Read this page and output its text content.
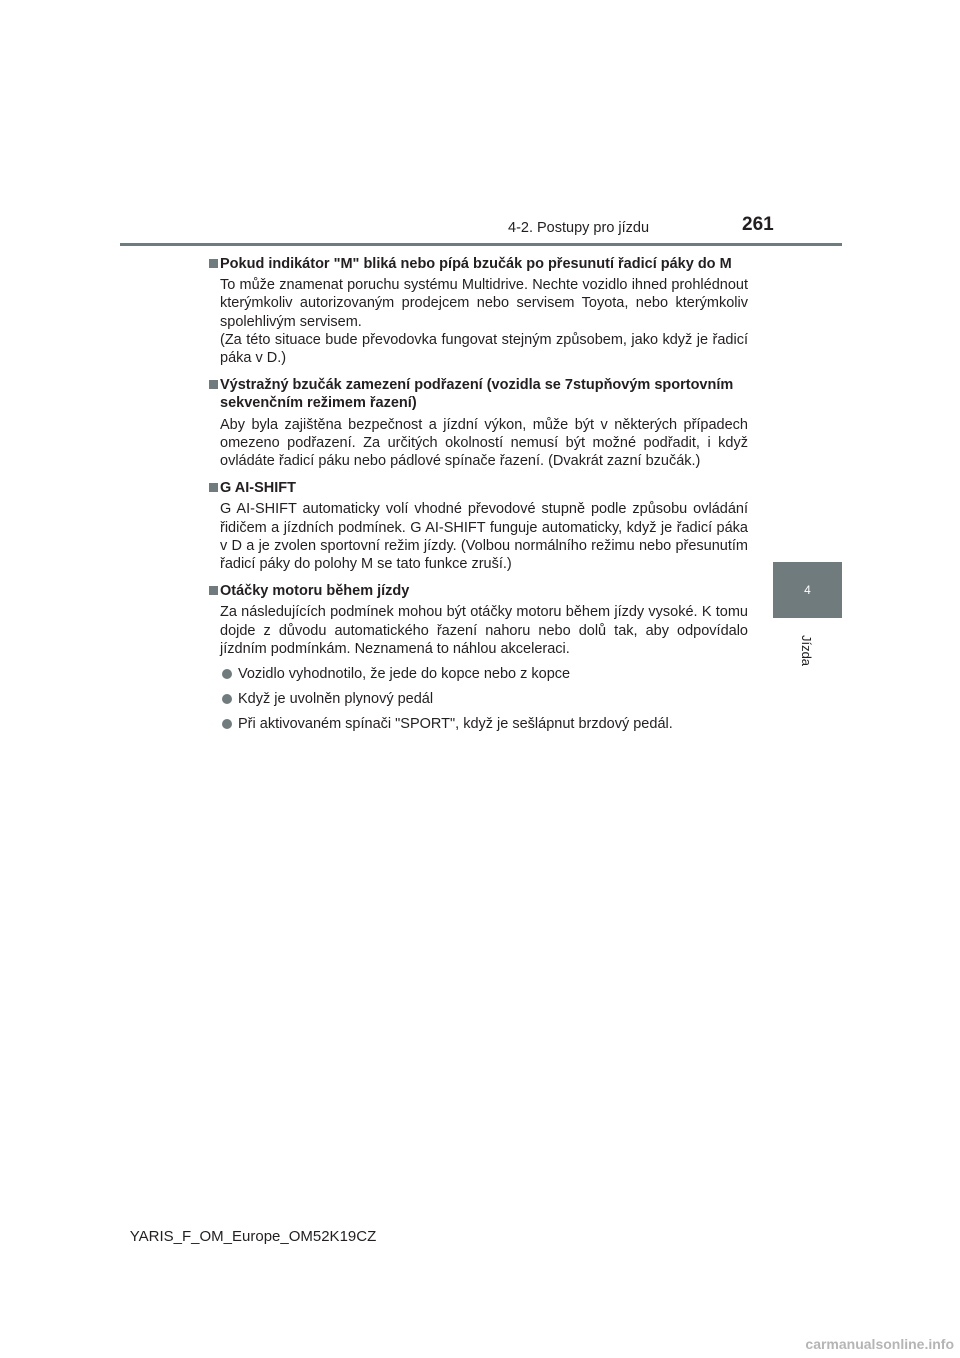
4-2. Postupy pro jízdu	261
4
Jízda
Pokud indikátor "M" bliká nebo pípá bzučák po přesunutí řadicí páky do M

To může znamenat poruchu systému Multidrive. Nechte vozidlo ihned prohlédnout kterýmkoliv autorizovaným prodejcem nebo servisem Toyota, nebo kterýmkoliv spolehlivým servisem.

(Za této situace bude převodovka fungovat stejným způsobem, jako když je řadicí páka v D.)

Výstražný bzučák zamezení podřazení (vozidla se 7stupňovým sportovním sekvenčním režimem řazení)

Aby byla zajištěna bezpečnost a jízdní výkon, může být v některých případech omezeno podřazení. Za určitých okolností nemusí být možné podřadit, i když ovládáte řadicí páku nebo pádlové spínače řazení. (Dvakrát zazní bzučák.)

G AI-SHIFT

G AI-SHIFT automaticky volí vhodné převodové stupně podle způsobu ovládání řidičem a jízdních podmínek. G AI-SHIFT funguje automaticky, když je řadicí páka v D a je zvolen sportovní režim jízdy. (Volbou normálního režimu nebo přesunutím řadicí páky do polohy M se tato funkce zruší.)

Otáčky motoru během jízdy

Za následujících podmínek mohou být otáčky motoru během jízdy vysoké. K tomu dojde z důvodu automatického řazení nahoru nebo dolů tak, aby odpovídalo jízdním podmínkám. Neznamená to náhlou akceleraci.

Vozidlo vyhodnotilo, že jede do kopce nebo z kopce
Když je uvolněn plynový pedál
Při aktivovaném spínači "SPORT", když je sešlápnut brzdový pedál.
YARIS_F_OM_Europe_OM52K19CZ
carmanualsonline.info
